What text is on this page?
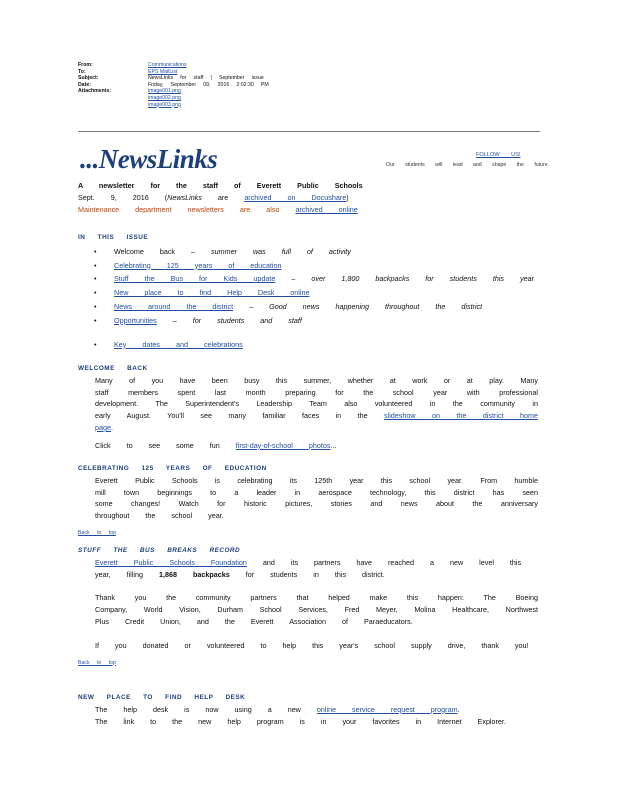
From:	Communications
To:	EPS MailList
Subject:	NewsLinks     for     staff     |     September     issue
Date:	Friday,     September     09,     2016     2:02:30     PM
Attachments:	image001.png
image002.png
image003.png
...NewsLinks	FOLLOW US!
Our students will lead and shape the future.
A newsletter for the staff of Everett Public Schools
Sept. 9, 2016 (NewsLinks are archived on Docushare)
Maintenance department newsletters are also archived online
IN THIS ISSUE
• Welcome back – summer was full of activity
• Celebrating 125 years of education
• Stuff the Bus for Kids update – over 1,800 backpacks for students this year
• New place to find Help Desk online
• News around the district – Good news happening throughout the district
• Opportunities – for students and staff
• Key dates and celebrations
WELCOME BACK
Many of you have been busy this summer, whether at work or at play. Many staff members spent last month preparing for the school year with professional development. The Superintendent's Leadership Team also volunteered in the community in early August. You'll see many familiar faces in the slideshow on the district home page.
Click to see some fun first-day-of-school photos...
CELEBRATING 125 YEARS OF EDUCATION
Everett Public Schools is celebrating its 125th year this school year. From humble mill town beginnings to a leader in aerospace technology, this district has seen some changes! Watch for historic pictures, stories and news about the anniversary throughout the school year.
Back to top
STUFF THE BUS BREAKS RECORD
Everett Public Schools Foundation and its partners have reached a new level this year, filling 1,868 backpacks for students in this district.
Thank you the community partners that helped make this happen: The Boeing Company, World Vision, Durham School Services, Fred Meyer, Molina Healthcare, Northwest Plus Credit Union, and the Everett Association of Paraeducators.
If you donated or volunteered to help this year's school supply drive, thank you!
Back to top
NEW PLACE TO FIND HELP DESK
The help desk is now using a new online service request program.
The link to the new help program is in your favorites in Internet Explorer.
